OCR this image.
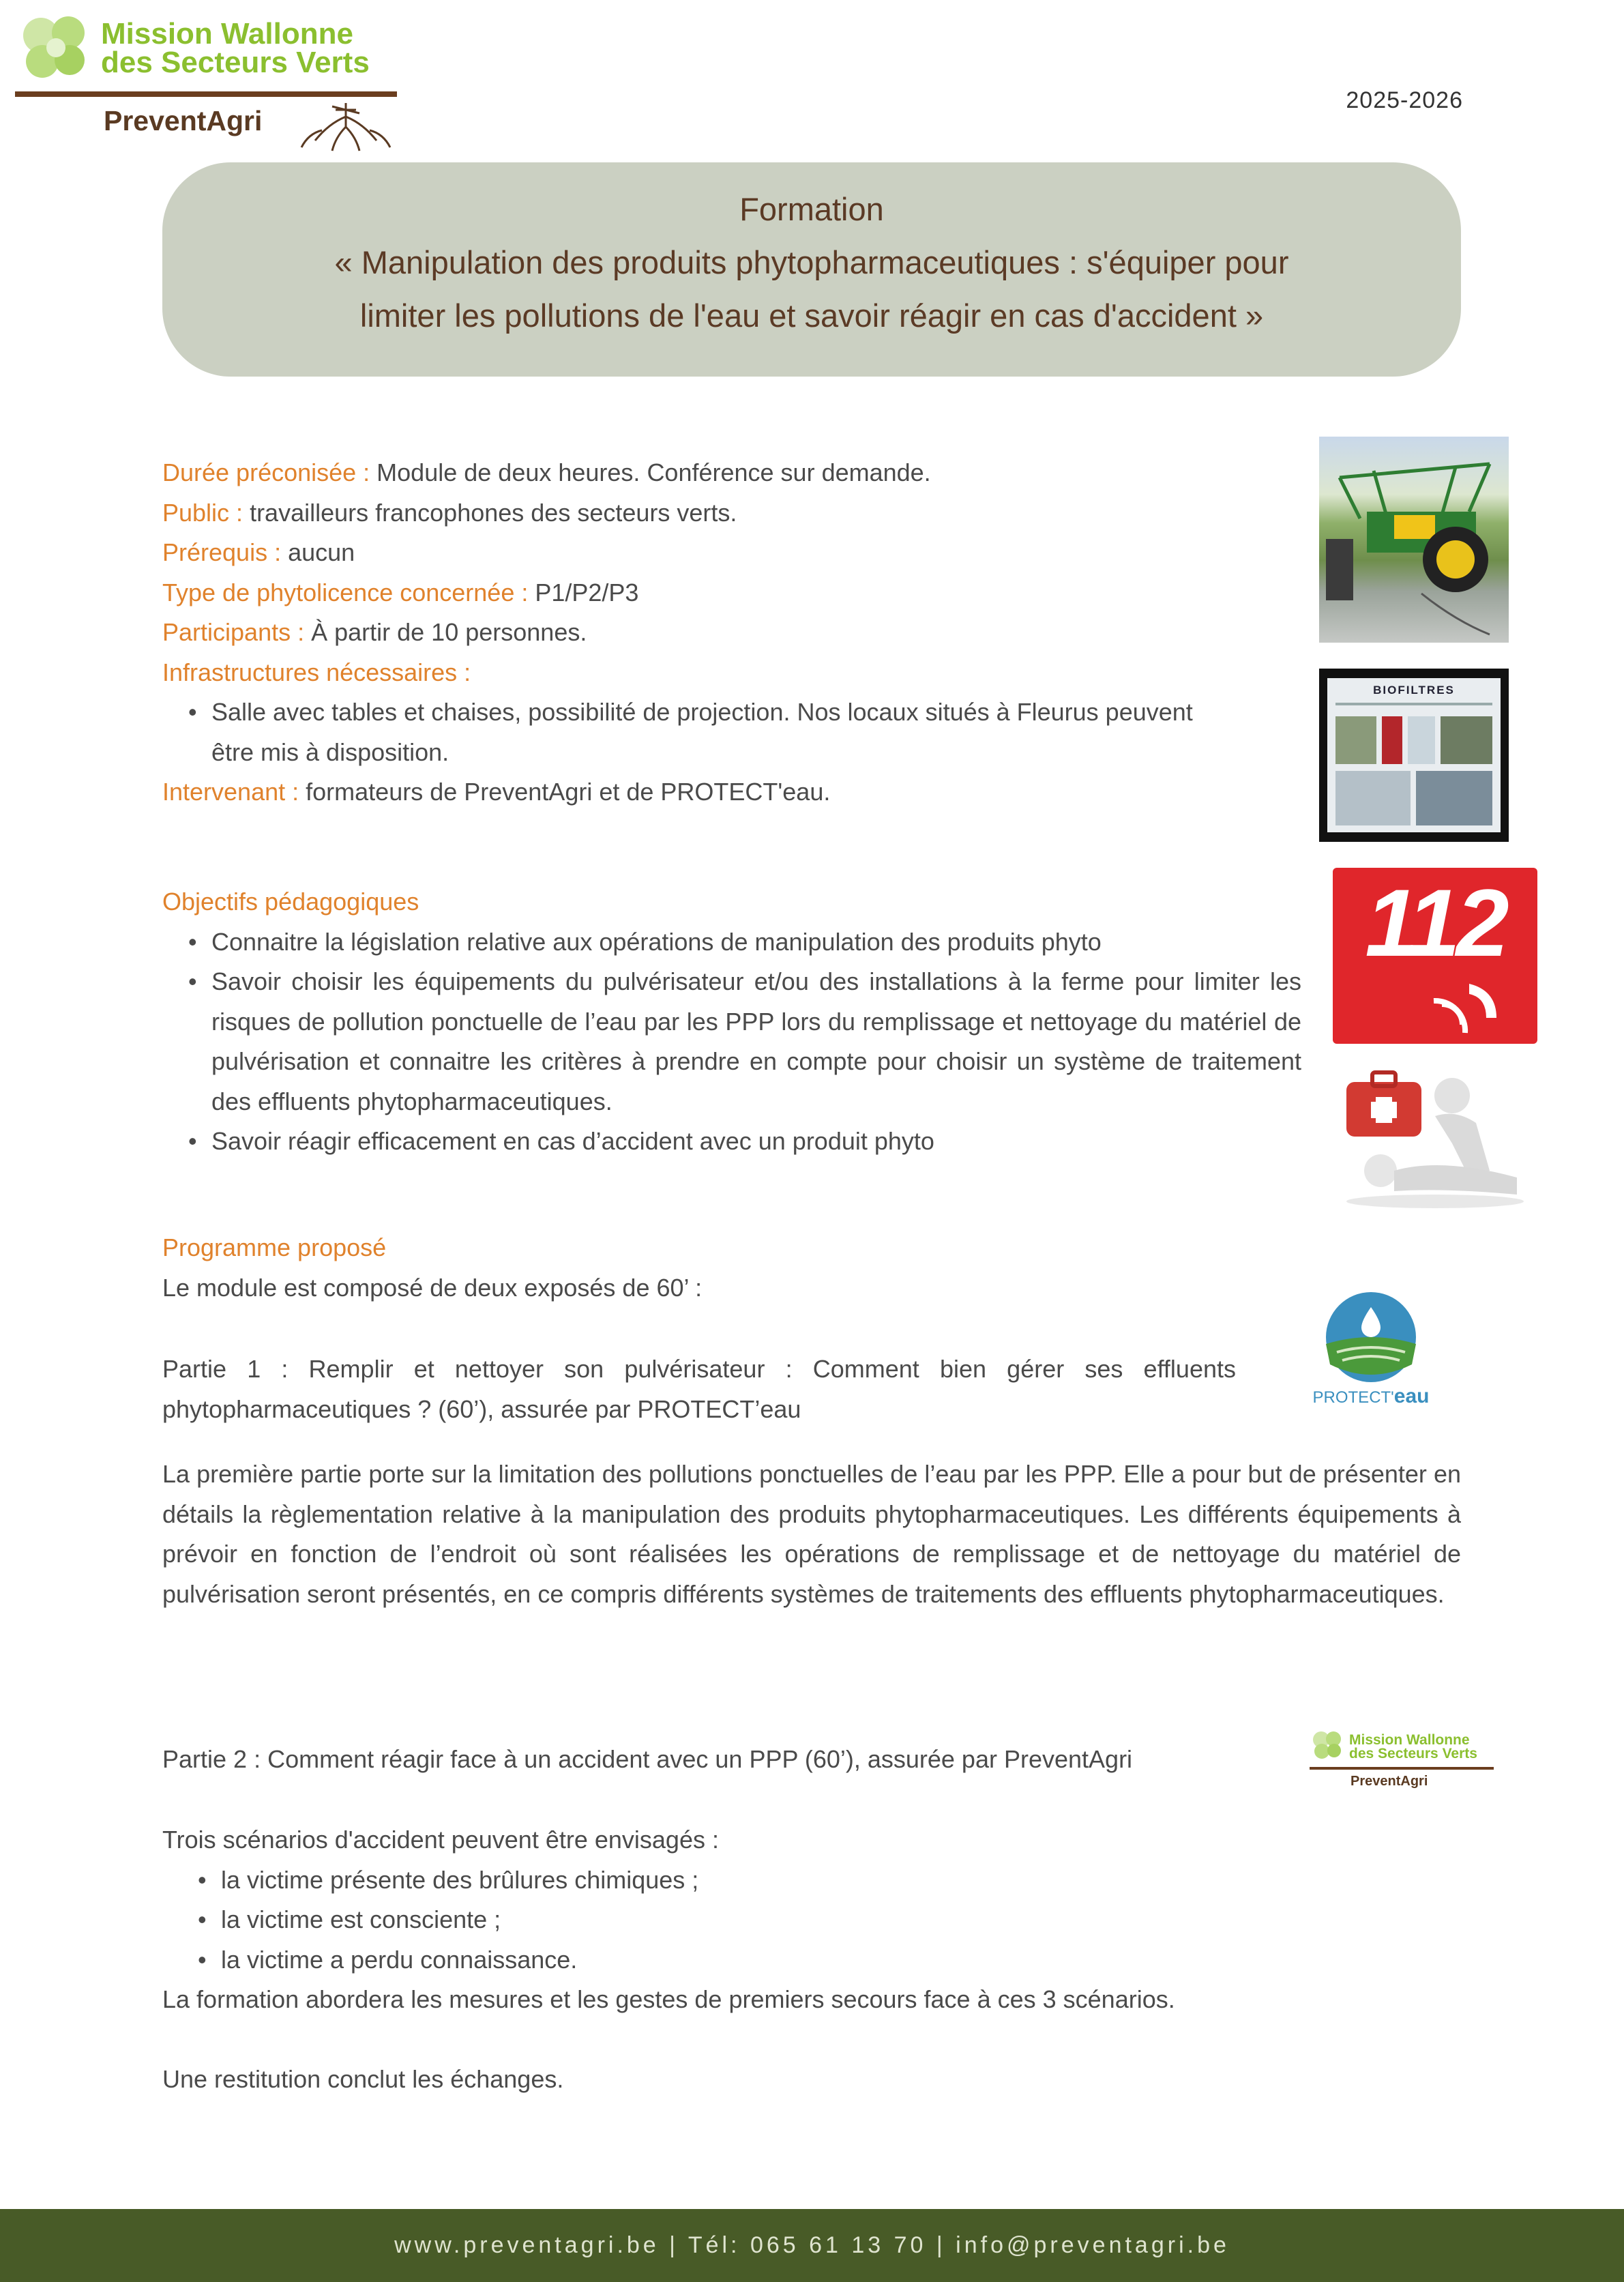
Mission Wallonne
des Secteurs Verts
PreventAgri
2025-2026
Formation
« Manipulation des produits phytopharmaceutiques : s'équiper pour
limiter les pollutions de l'eau et savoir réagir en cas d'accident »
Durée préconisée : Module de deux heures. Conférence sur demande.
Public : travailleurs francophones des secteurs verts.
Prérequis : aucun
Type de phytolicence concernée : P1/P2/P3
Participants : À partir de 10 personnes.
Infrastructures nécessaires :
• Salle avec tables et chaises, possibilité de projection. Nos locaux situés à Fleurus peuvent être mis à disposition.
Intervenant : formateurs de PreventAgri et de PROTECT'eau.
BIOFILTRES
112
Objectifs pédagogiques
• Connaitre la législation relative aux opérations de manipulation des produits phyto
• Savoir choisir les équipements du pulvérisateur et/ou des installations à la ferme pour limiter les risques de pollution ponctuelle de l’eau par les PPP lors du remplissage et nettoyage du matériel de pulvérisation et connaitre les critères à prendre en compte pour choisir un système de traitement des effluents phytopharmaceutiques.
• Savoir réagir efficacement en cas d’accident avec un produit phyto
Programme proposé
Le module est composé de deux exposés de 60’ :
Partie 1 : Remplir et nettoyer son pulvérisateur : Comment bien gérer ses effluents phytopharmaceutiques ? (60’), assurée par PROTECT’eau	PROTECT'eau
La première partie porte sur la limitation des pollutions ponctuelles de l’eau par les PPP. Elle a pour but de présenter en détails la règlementation relative à la manipulation des produits phytopharmaceutiques. Les différents équipements à prévoir en fonction de l’endroit où sont réalisées les opérations de remplissage et de nettoyage du matériel de pulvérisation seront présentés, en ce compris différents systèmes de traitements des effluents phytopharmaceutiques.
Partie 2 : Comment réagir face à un accident avec un PPP (60’), assurée par PreventAgri
Mission Wallonne
des Secteurs Verts
PreventAgri
Trois scénarios d'accident peuvent être envisagés :
• la victime présente des brûlures chimiques ;
• la victime est consciente ;
• la victime a perdu connaissance.
La formation abordera les mesures et les gestes de premiers secours face à ces 3 scénarios.
Une restitution conclut les échanges.
www.preventagri.be | Tél: 065 61 13 70 | info@preventagri.be
